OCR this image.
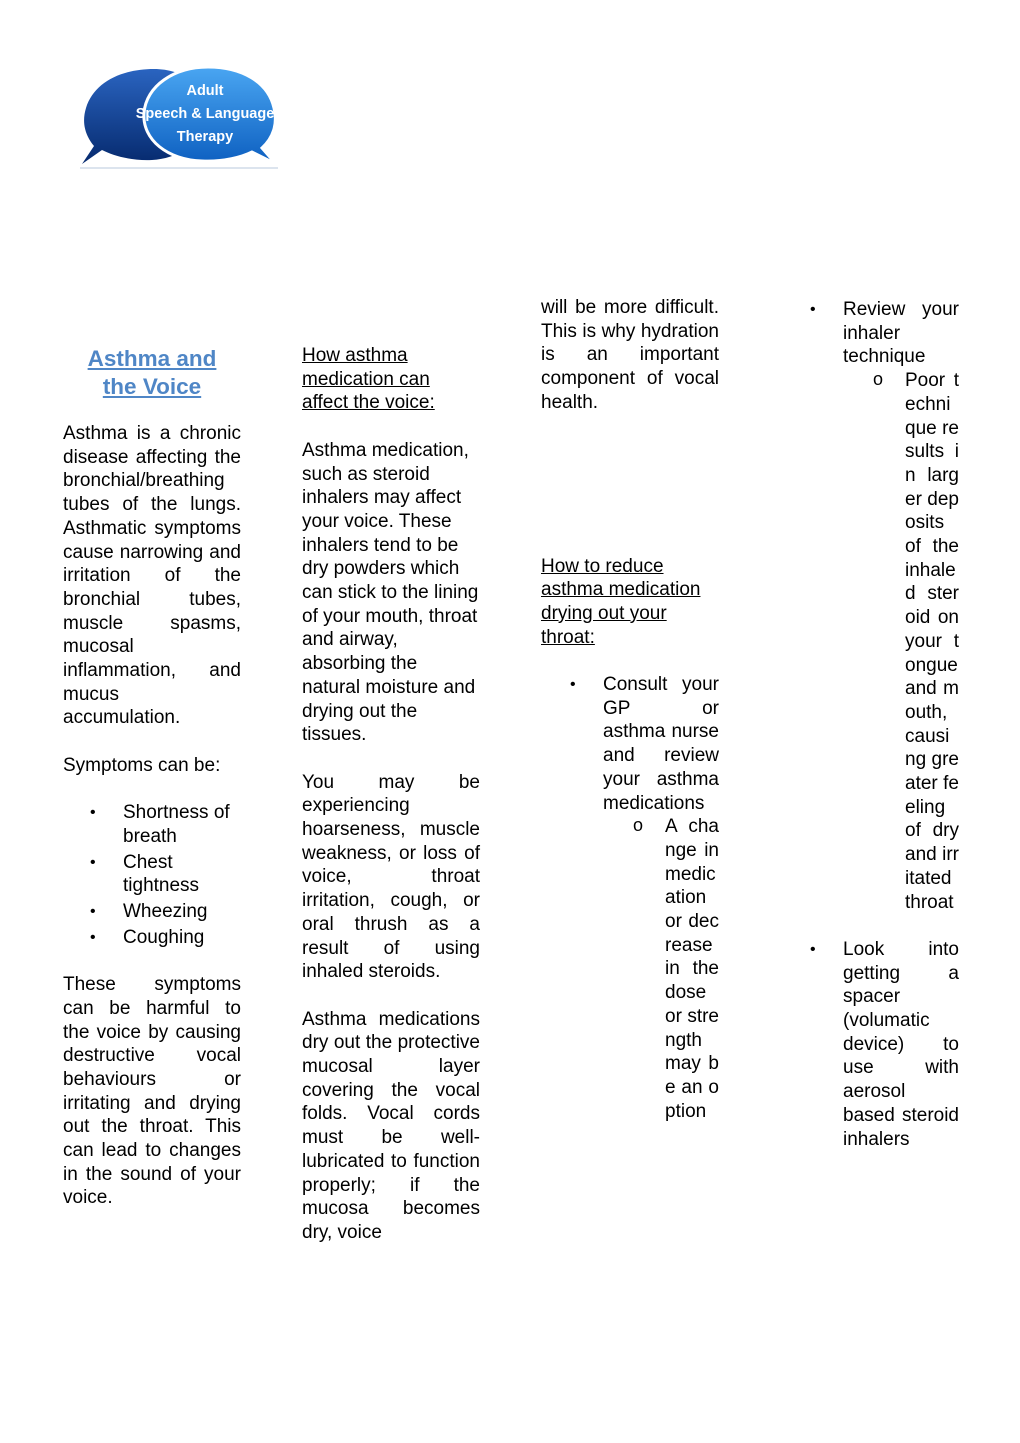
Adult
Speech & Language
Therapy

Asthma and

the Voice

Asthma is a chronic disease affecting the bronchial/breathing tubes of the lungs. Asthmatic symptoms cause narrowing and irritation of the bronchial tubes, muscle spasms, mucosal inflammation, and mucus accumulation.

Symptoms can be:

• Shortness of breath
• Chest tightness
• Wheezing
• Coughing

These symptoms can be harmful to the voice by causing destructive vocal behaviours or irritating and drying out the throat. This can lead to changes in the sound of your voice.

How asthma medication can affect the voice:

Asthma medication, such as steroid inhalers may affect your voice. These inhalers tend to be dry powders which can stick to the lining of your mouth, throat and airway, absorbing the natural moisture and drying out the tissues.

You may be experiencing hoarseness, muscle weakness, or loss of voice, throat irritation, cough, or oral thrush as a result of using inhaled steroids.

Asthma medications dry out the protective mucosal layer covering the vocal folds. Vocal cords must be well-lubricated to function properly; if the mucosa becomes dry, voice

will be more difficult. This is why hydration is an important component of vocal health.

How to reduce asthma medication drying out your throat:

• Consult your GP or asthma nurse and review your asthma medications
o A change in medication or decrease in the dose or strength may be an option
• Review your inhaler technique
o Poor technique results in larger deposits of the inhaled steroid on your tongue and mouth, causing greater feeling of dry and irritated throat
• Look into getting a spacer (volumatic device) to use with aerosol based steroid inhalers
